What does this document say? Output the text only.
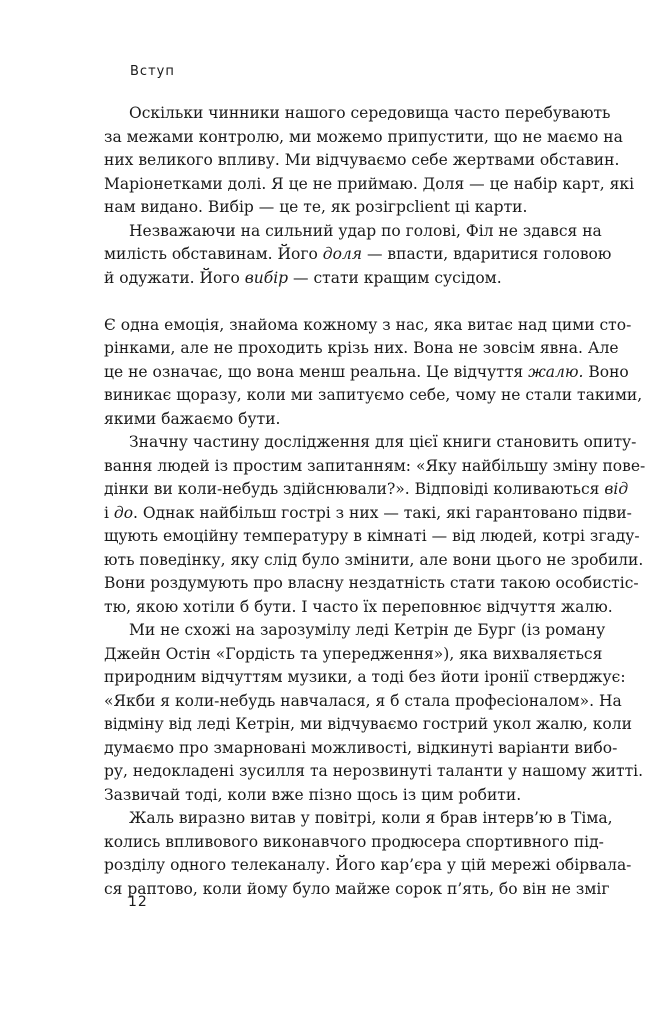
Вступ
Оскільки чинники нашого середовища часто перебувають
за межами контролю, ми можемо припустити, що не маємо на
них великого впливу. Ми відчуваємо себе жертвами обставин.
Маріонетками долі. Я це не приймаю. Доля — це набір карт, які
нам видано. Вибір — це те, як розігрclient ці карти.
Незважаючи на сильний удар по голові, Філ не здався на
милість обставинам. Його доля — впасти, вдаритися головою
й одужати. Його вибір — стати кращим сусідом.
Є одна емоція, знайома кожному з нас, яка витає над цими сто-
рінками, але не проходить крізь них. Вона не зовсім явна. Але
це не означає, що вона менш реальна. Це відчуття жалю. Воно
виникає щоразу, коли ми запитуємо себе, чому не стали такими,
якими бажаємо бути.
Значну частину дослідження для цієї книги становить опиту-
вання людей із простим запитанням: «Яку найбільшу зміну пове-
дінки ви коли-небудь здійснювали?». Відповіді коливаються від
і до. Однак найбільш гострі з них — такі, які гарантовано підви-
щують емоційну температуру в кімнаті — від людей, котрі згаду-
ють поведінку, яку слід було змінити, але вони цього не зробили.
Вони роздумують про власну нездатність стати такою особистіс-
тю, якою хотіли б бути. І часто їх переповнює відчуття жалю.
Ми не схожі на зарозумілу леді Кетрін де Бург (із роману
Джейн Остін «Гордість та упередження»), яка вихваляється
природним відчуттям музики, а тоді без йоти іронії стверджує:
«Якби я коли-небудь навчалася, я б стала професіоналом». На
відміну від леді Кетрін, ми відчуваємо гострий укол жалю, коли
думаємо про змарновані можливості, відкинуті варіанти вибо-
ру, недокладені зусилля та нерозвинуті таланти у нашому житті.
Зазвичай тоді, коли вже пізно щось із цим робити.
Жаль виразно витав у повітрі, коли я брав інтерв’ю в Тіма,
колись впливового виконавчого продюсера спортивного під-
розділу одного телеканалу. Його кар’єра у цій мережі обірвала-
ся раптово, коли йому було майже сорок п’ять, бо він не зміг
12
